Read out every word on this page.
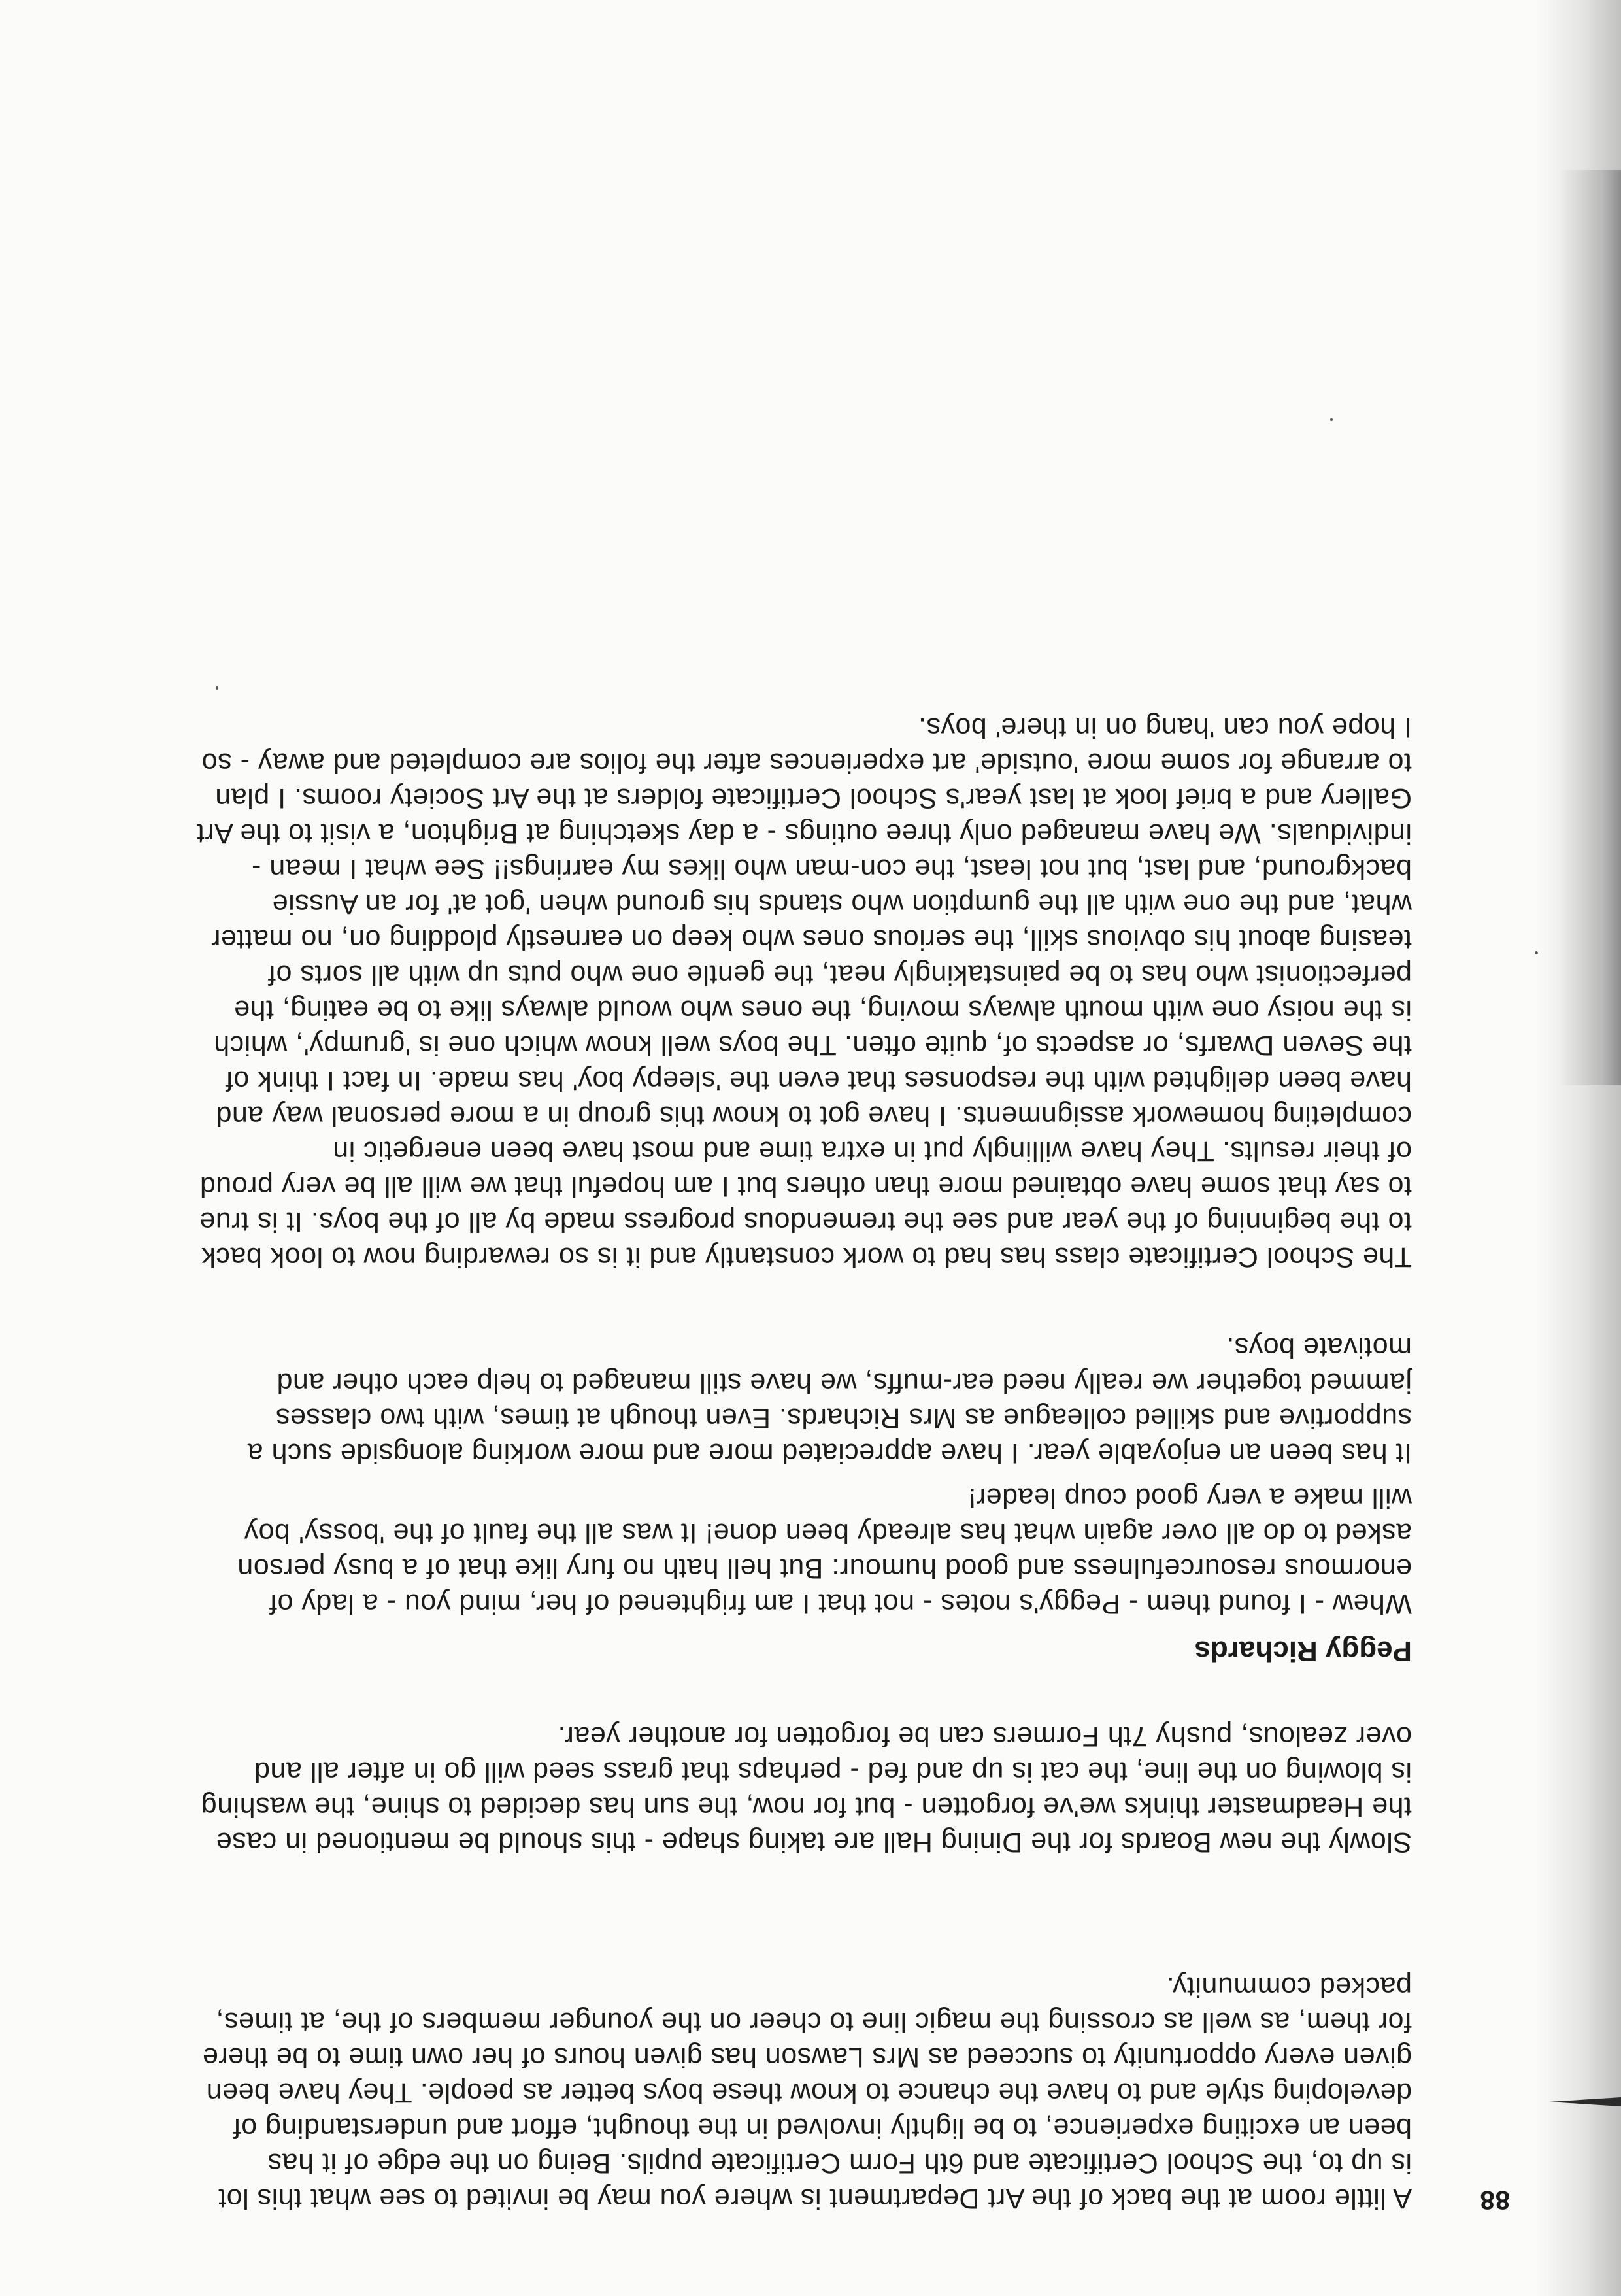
88

A little room at the back of the Art Department is where you may be invited to see what this lot is up to, the School Certificate and 6th Form Certificate pupils. Being on the edge of it has been an exciting experience, to be lightly involved in the thought, effort and understanding of developing style and to have the chance to know these boys better as people. They have been given every opportunity to succeed as Mrs Lawson has given hours of her own time to be there for them, as well as crossing the magic line to cheer on the younger members of the, at times, packed community.

Slowly the new Boards for the Dining Hall are taking shape - this should be mentioned in case the Headmaster thinks we've forgotten - but for now, the sun has decided to shine, the washing is blowing on the line, the cat is up and fed - perhaps that grass seed will go in after all and over zealous, pushy 7th Formers can be forgotten for another year.

Peggy Richards

Whew - I found them - Peggy's notes - not that I am frightened of her, mind you - a lady of enormous resourcefulness and good humour: But hell hath no fury like that of a busy person asked to do all over again what has already been done! It was all the fault of the 'bossy' boy will make a very good coup leader!

It has been an enjoyable year. I have appreciated more and more working alongside such a supportive and skilled colleague as Mrs Richards. Even though at times, with two classes jammed together we really need ear-muffs, we have still managed to help each other and motivate boys.

The School Certificate class has had to work constantly and it is so rewarding now to look back to the beginning of the year and see the tremendous progress made by all of the boys. It is true to say that some have obtained more than others but I am hopeful that we will all be very proud of their results. They have willingly put in extra time and most have been energetic in completing homework assignments. I have got to know this group in a more personal way and have been delighted with the responses that even the 'sleepy boy' has made. In fact I think of the Seven Dwarfs, or aspects of, quite often. The boys well know which one is 'grumpy', which is the noisy one with mouth always moving, the ones who would always like to be eating, the perfectionist who has to be painstakingly neat, the gentle one who puts up with all sorts of teasing about his obvious skill, the serious ones who keep on earnestly plodding on, no matter what, and the one with all the gumption who stands his ground when 'got at' for an Aussie background, and last, but not least, the con-man who likes my earrings!! See what I mean - individuals. We have managed only three outings - a day sketching at Brighton, a visit to the Art Gallery and a brief look at last year's School Certificate folders at the Art Society rooms. I plan to arrange for some more 'outside' art experiences after the folios are completed and away - so I hope you can 'hang on in there' boys.
